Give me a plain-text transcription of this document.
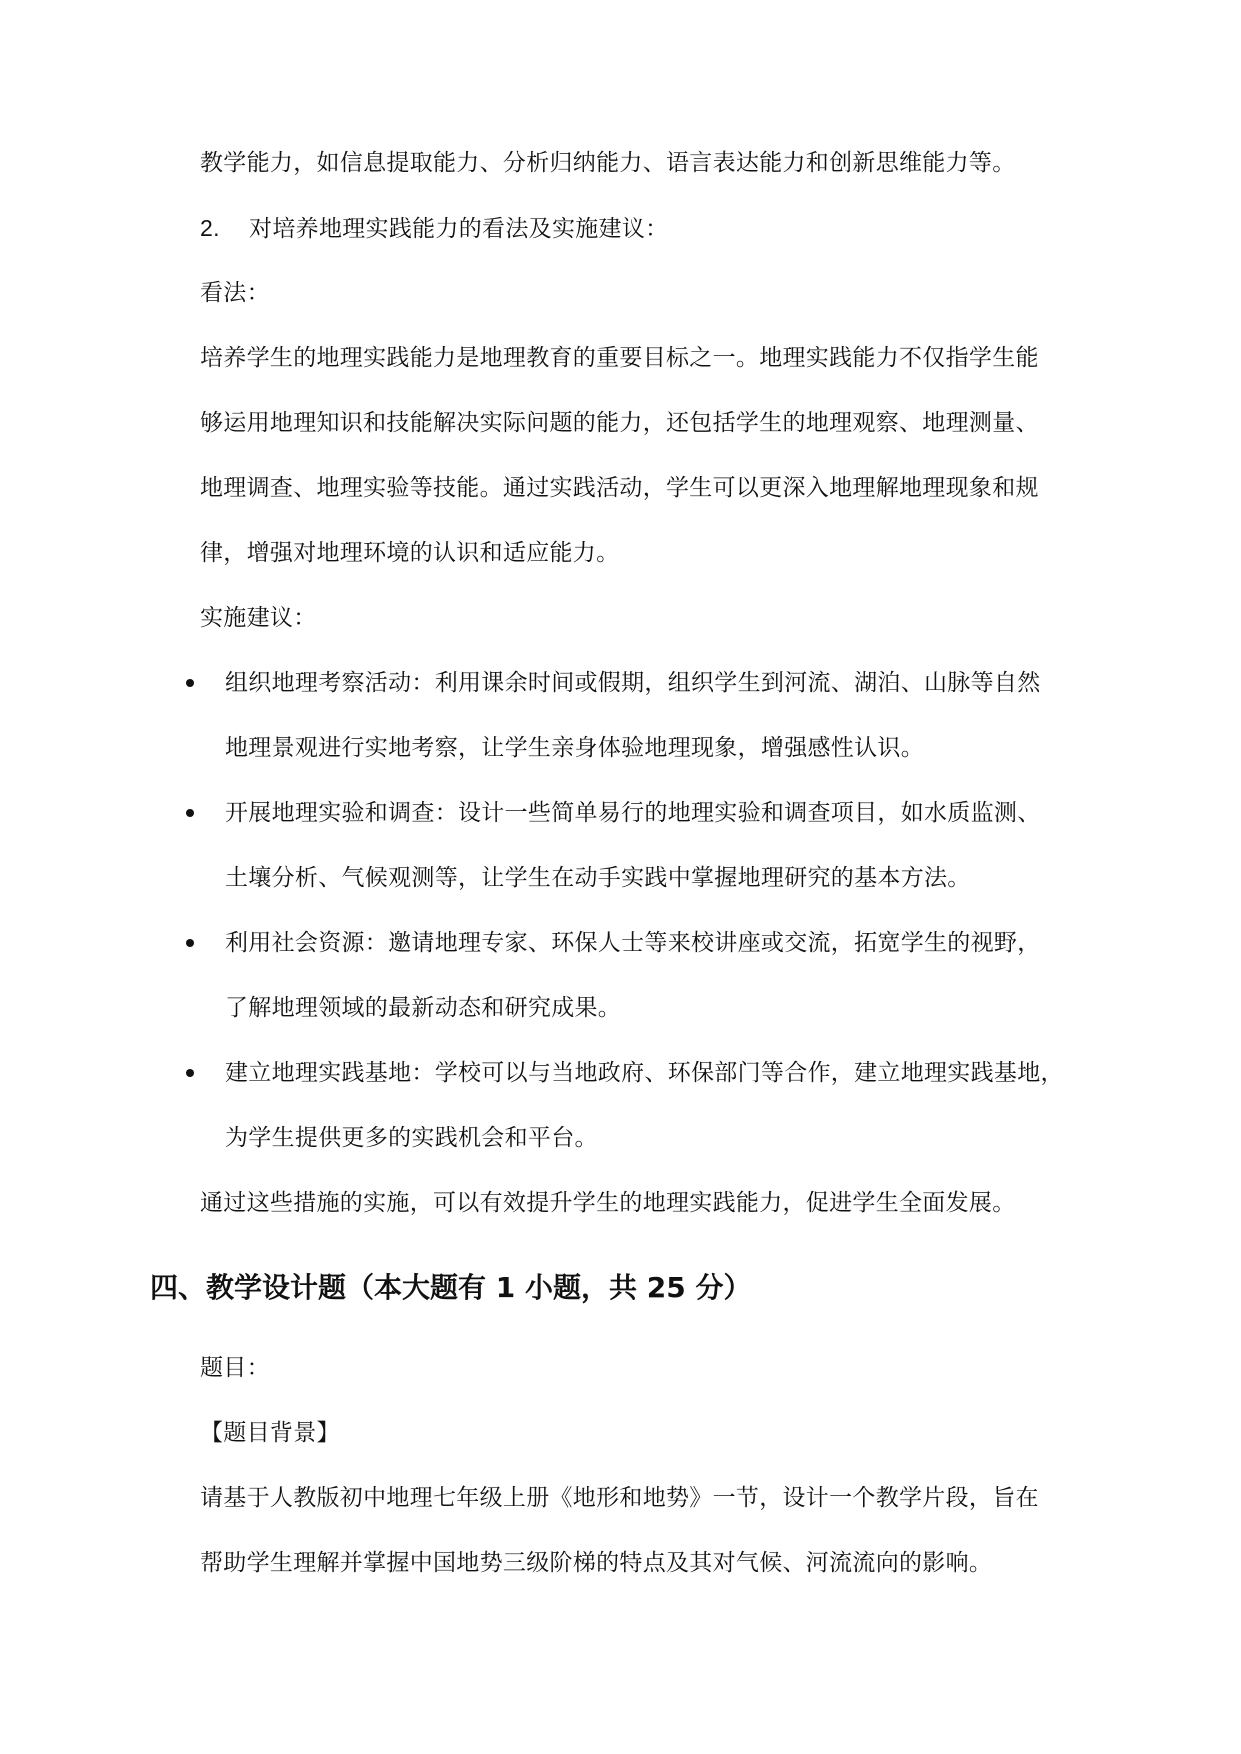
教学能力，如信息提取能力、分析归纳能力、语言表达能力和创新思维能力等。
2. 对培养地理实践能力的看法及实施建议：
看法：
培养学生的地理实践能力是地理教育的重要目标之一。地理实践能力不仅指学生能
够运用地理知识和技能解决实际问题的能力，还包括学生的地理观察、地理测量、
地理调查、地理实验等技能。通过实践活动，学生可以更深入地理解地理现象和规
律，增强对地理环境的认识和适应能力。
实施建议：
组织地理考察活动：利用课余时间或假期，组织学生到河流、湖泊、山脉等自然
地理景观进行实地考察，让学生亲身体验地理现象，增强感性认识。
开展地理实验和调查：设计一些简单易行的地理实验和调查项目，如水质监测、
土壤分析、气候观测等，让学生在动手实践中掌握地理研究的基本方法。
利用社会资源：邀请地理专家、环保人士等来校讲座或交流，拓宽学生的视野，
了解地理领域的最新动态和研究成果。
建立地理实践基地：学校可以与当地政府、环保部门等合作，建立地理实践基地，
为学生提供更多的实践机会和平台。
通过这些措施的实施，可以有效提升学生的地理实践能力，促进学生全面发展。
四、教学设计题（本大题有 1 小题，共 25 分）
题目：
【题目背景】
请基于人教版初中地理七年级上册《地形和地势》一节，设计一个教学片段，旨在
帮助学生理解并掌握中国地势三级阶梯的特点及其对气候、河流流向的影响。
